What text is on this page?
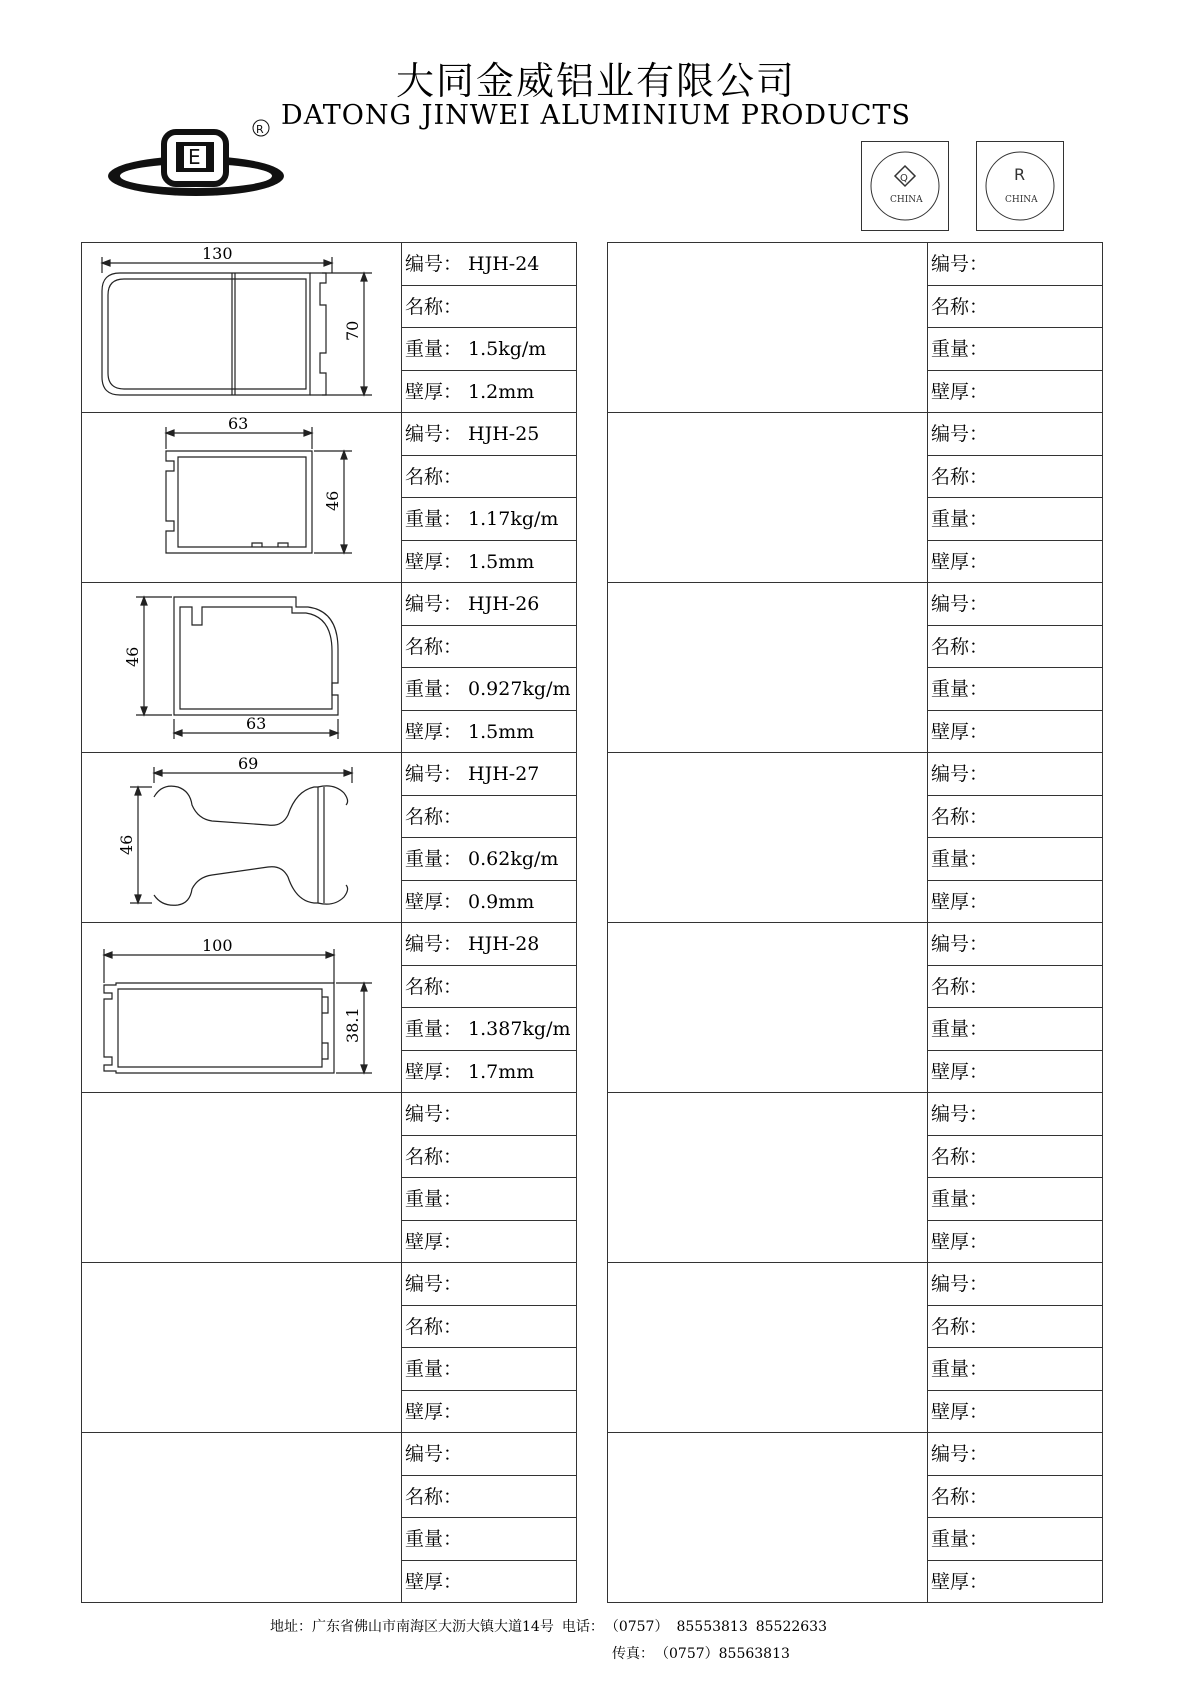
大同金威铝业有限公司
DATONG JINWEI ALUMINIUM PRODUCTS
E
R
Q
CHINA
R
CHINA
130
70
编号： HJH-24
名称：
重量： 1.5kg/m
壁厚： 1.2mm
63
46
编号： HJH-25
名称：
重量： 1.17kg/m
壁厚： 1.5mm
46
63
编号： HJH-26
名称：
重量： 0.927kg/m
壁厚： 1.5mm
69
46
编号： HJH-27
名称：
重量： 0.62kg/m
壁厚： 0.9mm
100
38.1
编号： HJH-28
名称：
重量： 1.387kg/m
壁厚： 1.7mm
编号：
名称：
重量：
壁厚：
编号：
名称：
重量：
壁厚：
编号：
名称：
重量：
壁厚：
编号：
名称：
重量：
壁厚：
编号：
名称：
重量：
壁厚：
编号：
名称：
重量：
壁厚：
编号：
名称：
重量：
壁厚：
编号：
名称：
重量：
壁厚：
编号：
名称：
重量：
壁厚：
编号：
名称：
重量：
壁厚：
编号：
名称：
重量：
壁厚：
地址：广东省佛山市南海区大沥大镇大道14号 电话： （0757） 85553813 85522633
传真： （0757）85563813
